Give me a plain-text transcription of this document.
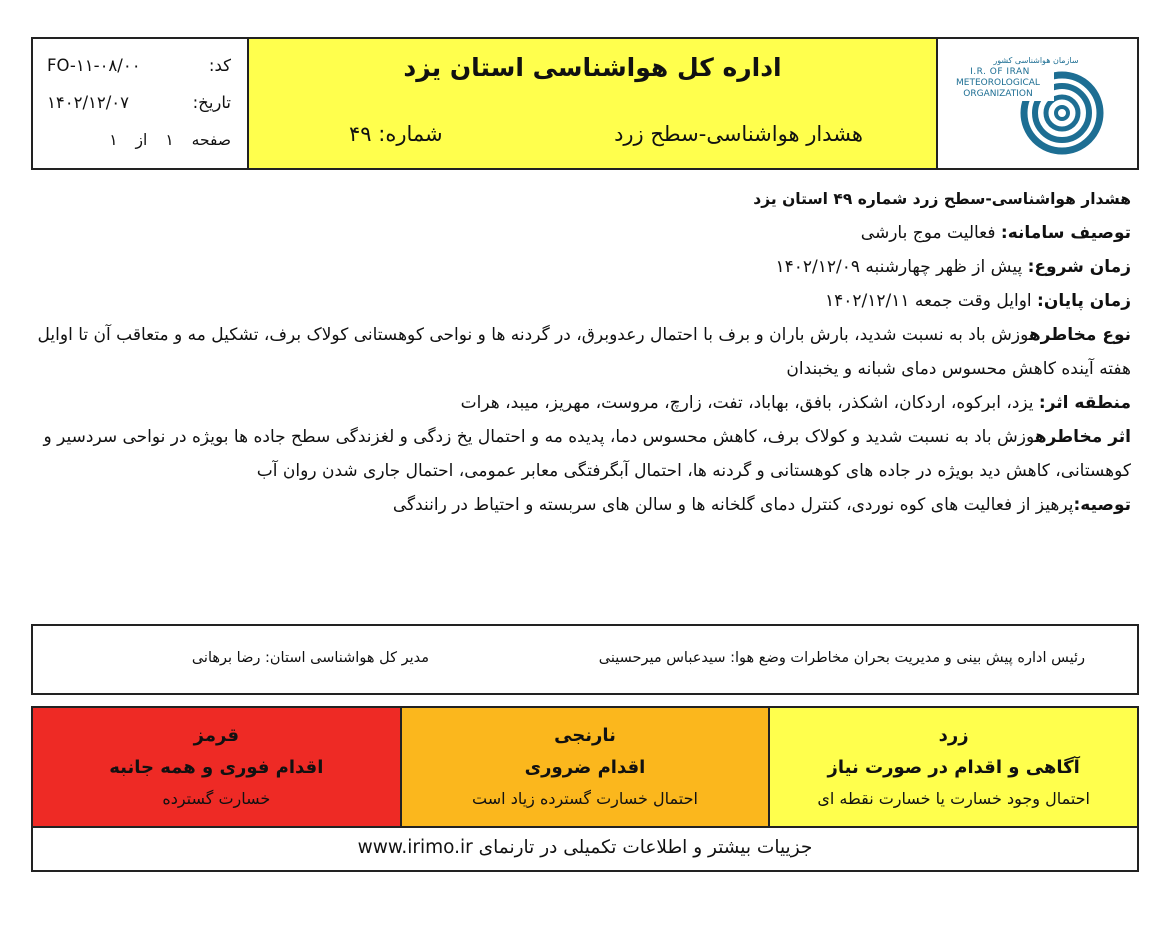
کد:
FO-۱۱-۰۸/۰۰
تاریخ:
۱۴۰۲/۱۲/۰۷
صفحه
۱
از
۱
اداره کل هواشناسی استان یزد
هشدار هواشناسی-سطح زرد
شماره: ۴۹
سازمان هواشناسی کشور
I.R. OF IRAN
METEOROLOGICAL
ORGANIZATION
هشدار هواشناسی-سطح زرد شماره ۴۹ استان یزد
توصیف سامانه: فعالیت موج بارشی
زمان شروع: پیش از ظهر چهارشنبه ۱۴۰۲/۱۲/۰۹
زمان پایان: اوایل وقت جمعه ۱۴۰۲/۱۲/۱۱
نوع مخاطرهوزش باد به نسبت شدید، بارش باران و برف با احتمال رعدوبرق، در گردنه ها و نواحی کوهستانی کولاک برف، تشکیل مه و متعاقب آن تا اوایل هفته آینده کاهش محسوس دمای شبانه و یخبندان
منطقه اثر: یزد، ابرکوه، اردکان، اشکذر، بافق، بهاباد، تفت، زارچ، مروست، مهریز، میبد، هرات
اثر مخاطرهوزش باد به نسبت شدید و کولاک برف، کاهش محسوس دما، پدیده مه و احتمال یخ زدگی و لغزندگی سطح جاده ها بویژه در نواحی سردسیر و کوهستانی، کاهش دید بویژه در جاده های کوهستانی و گردنه ها، احتمال آبگرفتگی معابر عمومی، احتمال جاری شدن روان آب
توصیه:پرهیز از فعالیت های کوه نوردی، کنترل دمای گلخانه ها و سالن های سربسته و احتیاط در رانندگی
رئیس اداره پیش بینی و مدیریت بحران مخاطرات وضع هوا: سیدعباس میرحسینی
مدیر کل هواشناسی استان: رضا برهانی
زرد
آگاهی و اقدام در صورت نیاز
احتمال وجود خسارت یا خسارت نقطه ای
نارنجی
اقدام ضروری
احتمال خسارت گسترده زیاد است
قرمز
اقدام فوری و همه جانبه
خسارت گسترده
جزییات بیشتر و اطلاعات تکمیلی در تارنمای www.irimo.ir
